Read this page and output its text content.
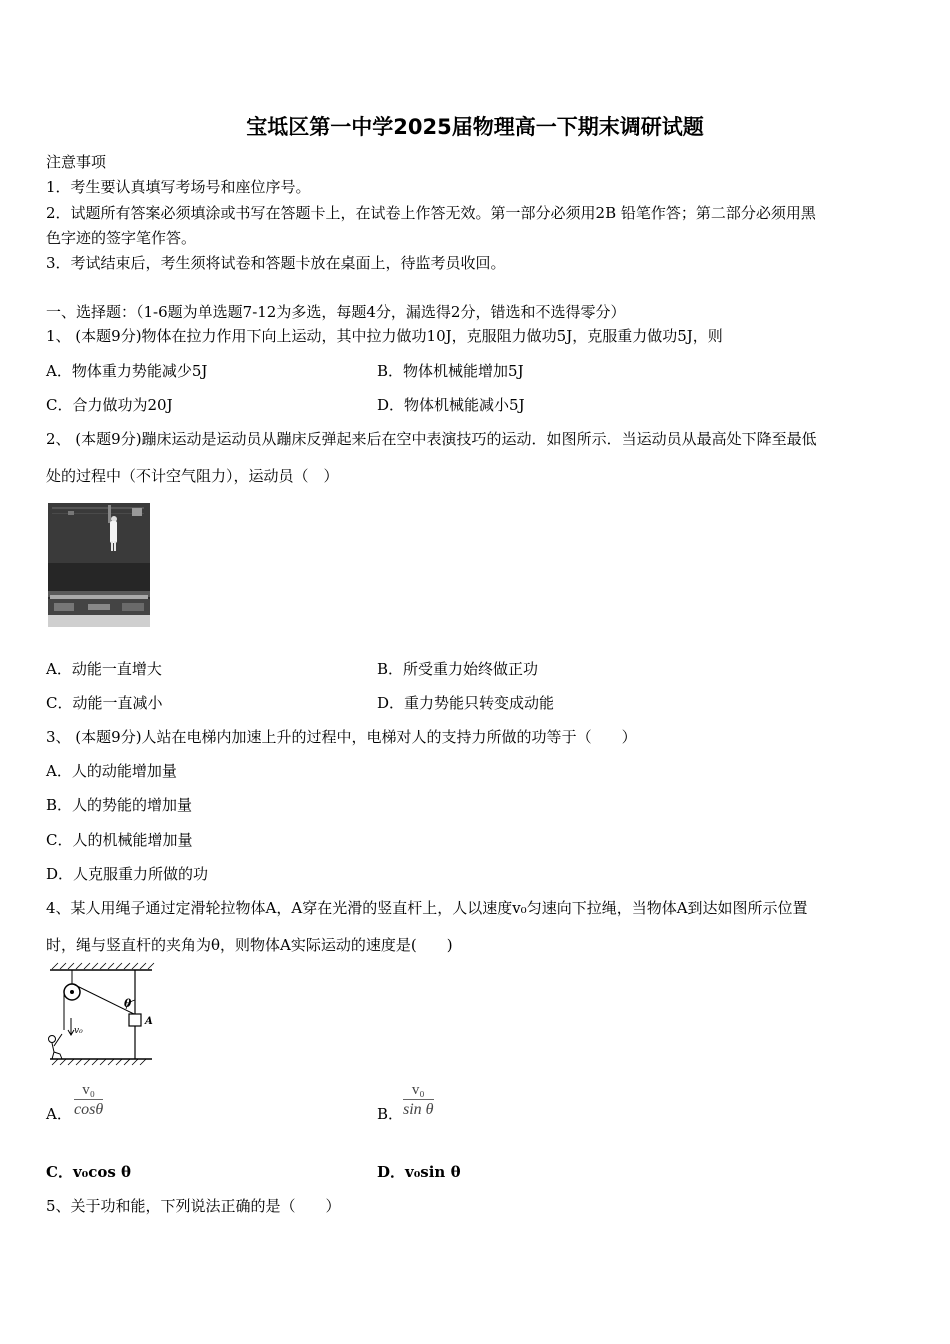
宝坻区第一中学2025届物理高一下期末调研试题
注意事项
1．考生要认真填写考场号和座位序号。
2．试题所有答案必须填涂或书写在答题卡上，在试卷上作答无效。第一部分必须用2B 铅笔作答；第二部分必须用黑
色字迹的签字笔作答。
3．考试结束后，考生须将试卷和答题卡放在桌面上，待监考员收回。
一、选择题：（1-6题为单选题7-12为多选，每题4分，漏选得2分，错选和不选得零分）
1、 (本题9分)物体在拉力作用下向上运动，其中拉力做功10J，克服阻力做功5J，克服重力做功5J，则
A．物体重力势能减少5J	B．物体机械能增加5J
C．合力做功为20J	D．物体机械能减小5J
2、 (本题9分)蹦床运动是运动员从蹦床反弹起来后在空中表演技巧的运动．如图所示．当运动员从最高处下降至最低
处的过程中（不计空气阻力），运动员（　）
A．动能一直增大	B．所受重力始终做正功
C．动能一直减小	D．重力势能只转变成动能
3、 (本题9分)人站在电梯内加速上升的过程中，电梯对人的支持力所做的功等于（　　）
A．人的动能增加量
B．人的势能的增加量
C．人的机械能增加量
D．人克服重力所做的功
4、某人用绳子通过定滑轮拉物体A，A穿在光滑的竖直杆上，人以速度v₀匀速向下拉绳，当物体A到达如图所示位置
时，绳与竖直杆的夹角为θ，则物体A实际运动的速度是(　　)
θ
A
v₀
A． $\frac{\text{v₀}}{\cos\theta}$	B． $\frac{\text{v₀}}{\text{sin θ}}$
C．v₀cos θ	D．v₀sin θ
5、关于功和能，下列说法正确的是（　　）
